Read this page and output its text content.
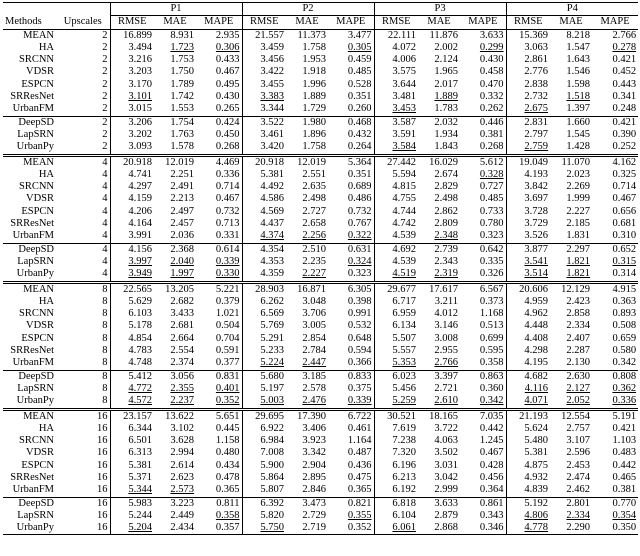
Methods	Upscales	P1			P2			P3			P4		
		RMSE	MAE	MAPE	RMSE	MAE	MAPE	RMSE	MAE	MAPE	RMSE	MAE	MAPE
MEAN	2	16.899	8.931	2.935	21.557	11.373	3.477	22.111	11.876	3.633	15.369	8.218	2.766
HA	2	3.494	1.723	0.306	3.459	1.758	0.305	4.072	2.002	0.299	3.063	1.547	0.278
SRCNN	2	3.216	1.753	0.433	3.456	1.953	0.459	4.006	2.124	0.430	2.861	1.643	0.421
VDSR	2	3.203	1.750	0.467	3.422	1.918	0.485	3.575	1.965	0.458	2.776	1.546	0.452
ESPCN	2	3.170	1.789	0.495	3.455	1.996	0.528	3.644	2.017	0.470	2.838	1.598	0.443
SRResNet	2	3.101	1.742	0.430	3.383	1.889	0.351	3.481	1.889	0.332	2.732	1.518	0.341
UrbanFM	2	3.015	1.553	0.265	3.344	1.729	0.260	3.453	1.783	0.262	2.675	1.397	0.248
DeepSD	2	3.206	1.754	0.424	3.522	1.980	0.468	3.587	2.032	0.446	2.831	1.660	0.421
LapSRN	2	3.202	1.763	0.450	3.461	1.896	0.432	3.591	1.934	0.381	2.797	1.545	0.390
UrbanPy	2	3.093	1.578	0.268	3.420	1.758	0.264	3.584	1.843	0.268	2.759	1.428	0.252
MEAN	4	20.918	12.019	4.469	20.918	12.019	5.364	27.442	16.029	5.612	19.049	11.070	4.162
HA	4	4.741	2.251	0.336	5.381	2.551	0.351	5.594	2.674	0.328	4.193	2.023	0.325
SRCNN	4	4.297	2.491	0.714	4.492	2.635	0.689	4.815	2.829	0.727	3.842	2.269	0.714
VDSR	4	4.159	2.213	0.467	4.586	2.498	0.486	4.755	2.498	0.485	3.697	1.999	0.467
ESPCN	4	4.206	2.497	0.732	4.569	2.727	0.732	4.744	2.862	0.733	3.728	2.227	0.656
SRResNet	4	4.164	2.457	0.713	4.437	2.658	0.767	4.742	2.809	0.780	3.729	2.185	0.681
UrbanFM	4	3.991	2.036	0.331	4.374	2.256	0.322	4.539	2.348	0.323	3.526	1.831	0.310
DeepSD	4	4.156	2.368	0.614	4.354	2.510	0.631	4.692	2.739	0.642	3.877	2.297	0.652
LapSRN	4	3.997	2.040	0.339	4.353	2.235	0.324	4.539	2.343	0.335	3.541	1.821	0.315
UrbanPy	4	3.949	1.997	0.330	4.359	2.227	0.323	4.519	2.319	0.326	3.514	1.821	0.314
MEAN	8	22.565	13.205	5.221	28.903	16.871	6.305	29.677	17.617	6.567	20.606	12.129	4.915
HA	8	5.629	2.682	0.379	6.262	3.048	0.398	6.717	3.211	0.373	4.959	2.423	0.363
SRCNN	8	6.103	3.433	1.021	6.569	3.706	0.991	6.959	4.012	1.168	4.962	2.858	0.893
VDSR	8	5.178	2.681	0.504	5.769	3.005	0.532	6.134	3.146	0.513	4.448	2.334	0.508
ESPCN	8	4.854	2.664	0.704	5.291	2.854	0.648	5.507	3.008	0.699	4.408	2.407	0.659
SRResNet	8	4.783	2.554	0.591	5.233	2.784	0.594	5.557	2.955	0.595	4.298	2.287	0.580
UrbanFM	8	4.748	2.374	0.377	5.224	2.447	0.366	5.353	2.766	0.358	4.195	2.130	0.342
DeepSD	8	5.412	3.056	0.831	5.680	3.185	0.833	6.023	3.397	0.863	4.682	2.630	0.808
LapSRN	8	4.772	2.355	0.401	5.197	2.578	0.375	5.456	2.721	0.360	4.116	2.127	0.362
UrbanPy	8	4.572	2.237	0.352	5.003	2.476	0.339	5.259	2.610	0.342	4.071	2.052	0.336
MEAN	16	23.157	13.622	5.651	29.695	17.390	6.722	30.521	18.165	7.035	21.193	12.554	5.191
HA	16	6.344	3.102	0.445	6.922	3.406	0.461	7.619	3.722	0.442	5.624	2.757	0.421
SRCNN	16	6.501	3.628	1.158	6.984	3.923	1.164	7.238	4.063	1.245	5.480	3.107	1.103
VDSR	16	6.313	2.994	0.480	7.008	3.342	0.487	7.320	3.502	0.467	5.381	2.596	0.483
ESPCN	16	5.381	2.614	0.434	5.900	2.904	0.436	6.196	3.031	0.428	4.875	2.453	0.442
SRResNet	16	5.371	2.623	0.478	5.864	2.895	0.475	6.213	3.042	0.456	4.932	2.474	0.465
UrbanFM	16	5.344	2.573	0.365	5.807	2.846	0.365	6.192	2.999	0.364	4.839	2.462	0.381
DeepSD	16	5.983	3.223	0.811	6.392	3.473	0.821	6.818	3.633	0.861	5.192	2.801	0.770
LapSRN	16	5.244	2.449	0.358	5.820	2.729	0.355	6.104	2.879	0.343	4.806	2.334	0.354
UrbanPy	16	5.204	2.434	0.357	5.750	2.719	0.352	6.061	2.868	0.346	4.778	2.290	0.350
